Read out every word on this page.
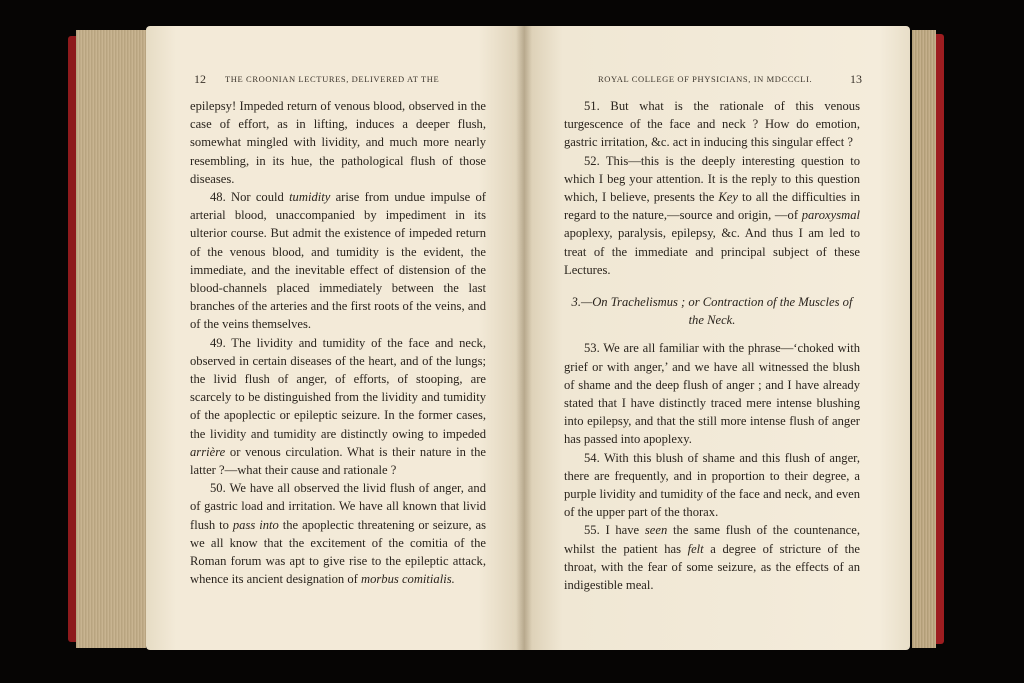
12 THE CROONIAN LECTURES, DELIVERED AT THE

epilepsy! Impeded return of venous blood, observed in the case of effort, as in lifting, induces a deeper flush, somewhat mingled with lividity, and much more nearly resembling, in its hue, the pathological flush of those diseases.

48. Nor could tumidity arise from undue impulse of arterial blood, unaccompanied by impediment in its ulterior course. But admit the existence of impeded return of the venous blood, and tumidity is the evident, the immediate, and the inevitable effect of distension of the blood-channels placed immediately between the last branches of the arteries and the first roots of the veins, and of the veins themselves.

49. The lividity and tumidity of the face and neck, observed in certain diseases of the heart, and of the lungs; the livid flush of anger, of efforts, of stooping, are scarcely to be distinguished from the lividity and tumidity of the apoplectic or epileptic seizure. In the former cases, the lividity and tumidity are distinctly owing to impeded arrière or venous circulation. What is their nature in the latter ?—what their cause and rationale ?

50. We have all observed the livid flush of anger, and of gastric load and irritation. We have all known that livid flush to pass into the apoplectic threatening or seizure, as we all know that the excitement of the comitia of the Roman forum was apt to give rise to the epileptic attack, whence its ancient designation of morbus comitialis.

ROYAL COLLEGE OF PHYSICIANS, IN MDCCCLI.	13

51. But what is the rationale of this venous turgescence of the face and neck ? How do emotion, gastric irritation, &c. act in inducing this singular effect ?

52. This—this is the deeply interesting question to which I beg your attention. It is the reply to this question which, I believe, presents the Key to all the difficulties in regard to the nature,—source and origin, —of paroxysmal apoplexy, paralysis, epilepsy, &c. And thus I am led to treat of the immediate and principal subject of these Lectures.

3.—On Trachelismus ; or Contraction of the Muscles of the Neck.

53. We are all familiar with the phrase—‘choked with grief or with anger,’ and we have all witnessed the blush of shame and the deep flush of anger ; and I have already stated that I have distinctly traced mere intense blushing into epilepsy, and that the still more intense flush of anger has passed into apoplexy.

54. With this blush of shame and this flush of anger, there are frequently, and in proportion to their degree, a purple lividity and tumidity of the face and neck, and even of the upper part of the thorax.

55. I have seen the same flush of the countenance, whilst the patient has felt a degree of stricture of the throat, with the fear of some seizure, as the effects of an indigestible meal.
